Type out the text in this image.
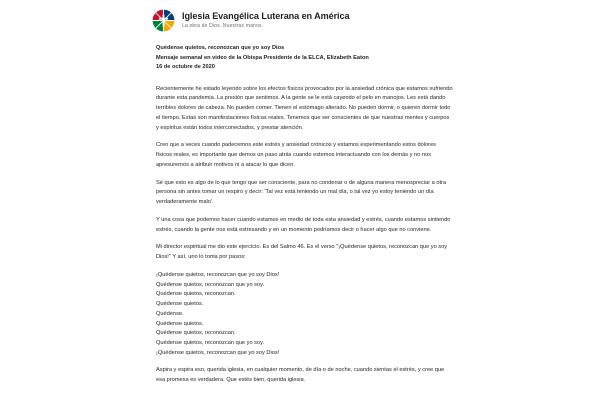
Iglesia Evangélica Luterana en América
La obra de Dios. Nuestras manos.
Quédense quietos, reconozcan que yo soy Dios
Mensaje semanal en video de la Obispa Presidente de la ELCA, Elizabeth Eaton
16 de octubre de 2020

Recientemente he estado leyendo sobre los efectos físicos provocados por la ansiedad crónica que estamos sufriendo durante esta pandemia. La presión que sentimos. A la gente se le está cayendo el pelo en manojos. Les está dando terribles dolores de cabeza. No pueden comer. Tienen el estómago alterado. No pueden dormir, o quieren dormir todo el tiempo. Estas son manifestaciones físicas reales. Tenemos que ser conscientes de que nuestras mentes y cuerpos y espíritus están todos interconectados, y prestar atención.

Creo que a veces cuando padecemos este estrés y ansiedad crónicos y estamos experimentando estos dolores físicos reales, es importante que demos un paso atrás cuando estemos interactuando con los demás y no nos apresuremos a atribuir motivos ni a atacar lo que dicen.

Sé que esto es algo de lo que tengo que ser consciente, para no condenar o de alguna manera menospreciar a otra persona sin antes tomar un respiro y decir: 'Tal vez está teniendo un mal día, o tal vez yo estoy teniendo un día verdaderamente malo'.

Y una cosa que podemos hacer cuando estamos en medio de toda esta ansiedad y estrés, cuando estamos sintiendo estrés, cuando la gente nos está estresando y en un momento podríamos decir o hacer algo que no conviene.

Mi director espiritual me dio este ejercicio. Es del Salmo 46. Es el verso "¡Quédense quietos, reconozcan que yo soy Dios!" Y así, uno lo toma por pasos:

¡Quédense quietos, reconozcan que yo soy Dios!
Quédense quietos, reconozcan que yo soy.
Quédense quietos, reconozcan.
Quédense quietos.
Quédense.
Quédense quietos.
Quédense quietos, reconozcan.
Quédense quietos, reconozcan que yo soy.
¡Quédense quietos, reconozcan que yo soy Dios!

Aspira y espira eso, querida iglesia, en cualquier momento, de día o de noche, cuando sientas el estrés, y cree que esa promesa es verdadera. Que estés bien, querida iglesia.
